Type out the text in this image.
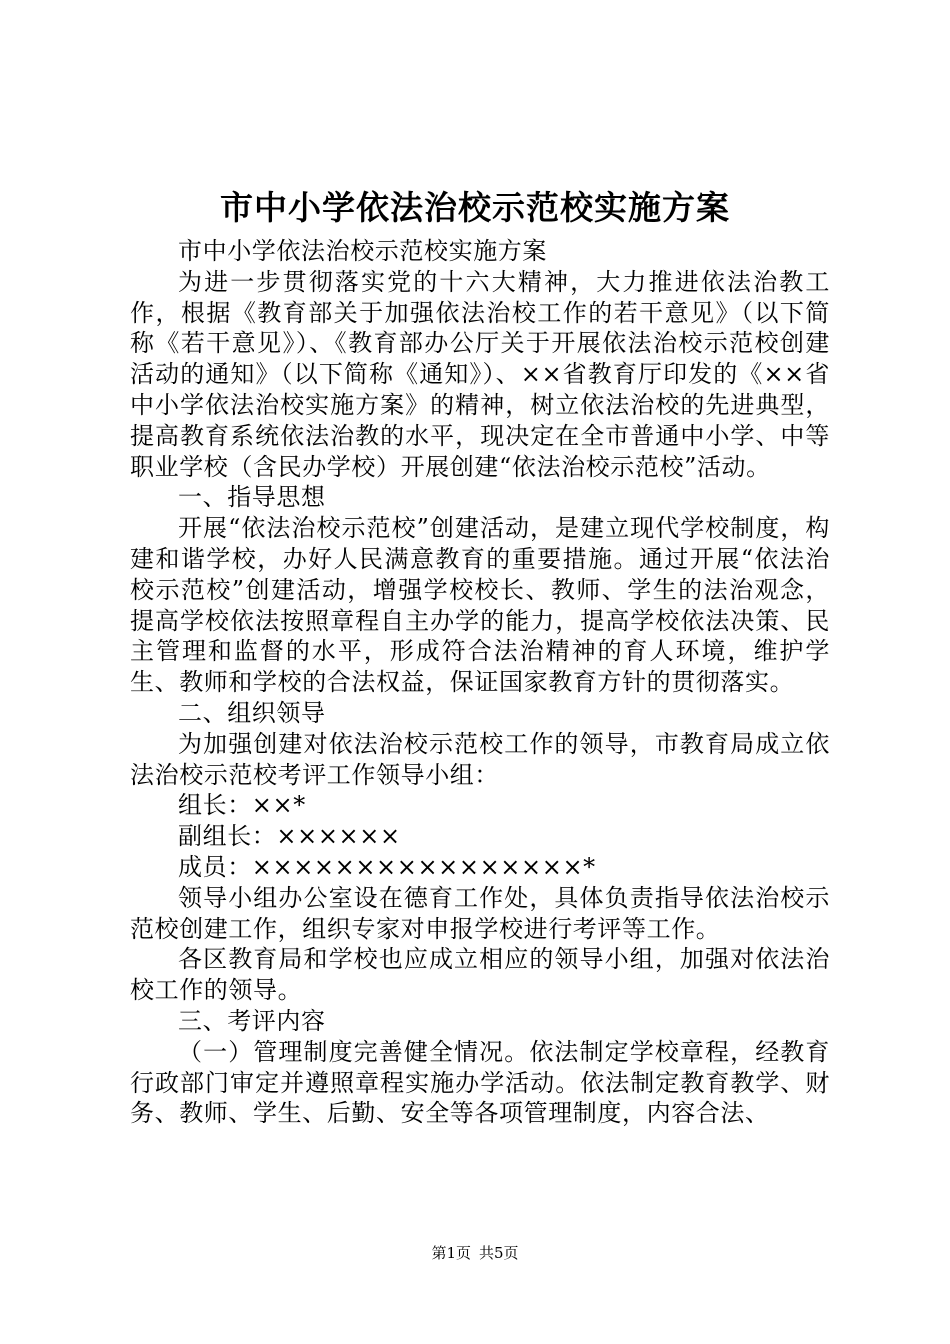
市中小学依法治校示范校实施方案

市中小学依法治校示范校实施方案

为进一步贯彻落实党的十六大精神，大力推进依法治教工作，根据《教育部关于加强依法治校工作的若干意见》（以下简称《若干意见》）、《教育部办公厅关于开展依法治校示范校创建活动的通知》（以下简称《通知》）、××省教育厅印发的《××省中小学依法治校实施方案》的精神，树立依法治校的先进典型，提高教育系统依法治教的水平，现决定在全市普通中小学、中等职业学校（含民办学校）开展创建“依法治校示范校”活动。

一、指导思想

开展“依法治校示范校”创建活动，是建立现代学校制度，构建和谐学校，办好人民满意教育的重要措施。通过开展“依法治校示范校”创建活动，增强学校校长、教师、学生的法治观念，提高学校依法按照章程自主办学的能力，提高学校依法决策、民主管理和监督的水平，形成符合法治精神的育人环境，维护学生、教师和学校的合法权益，保证国家教育方针的贯彻落实。

二、组织领导

为加强创建对依法治校示范校工作的领导，市教育局成立依法治校示范校考评工作领导小组：

组长：××*

副组长：××××××

成员：××××××××××××××××*

领导小组办公室设在德育工作处，具体负责指导依法治校示范校创建工作，组织专家对申报学校进行考评等工作。

各区教育局和学校也应成立相应的领导小组，加强对依法治校工作的领导。

三、考评内容

（一）管理制度完善健全情况。依法制定学校章程，经教育行政部门审定并遵照章程实施办学活动。依法制定教育教学、财务、教师、学生、后勤、安全等各项管理制度，内容合法、

第1页 共5页
